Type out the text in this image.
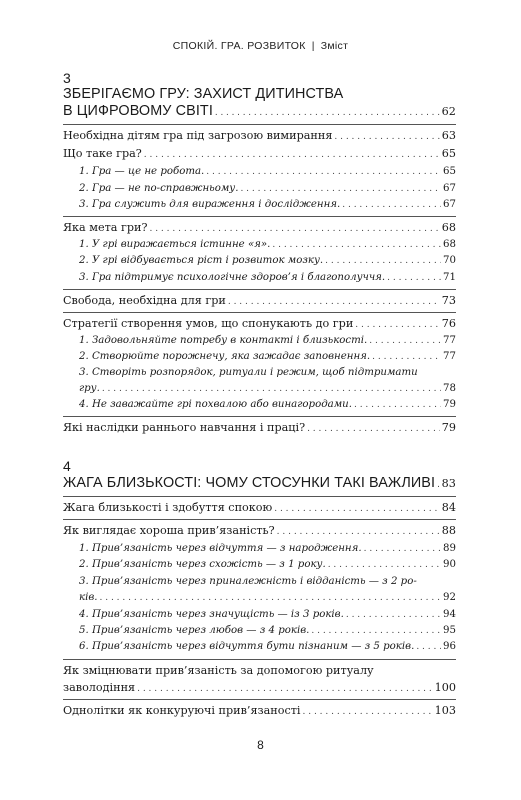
СПОКІЙ. ГРА. РОЗВИТОК | Зміст
3
ЗБЕРІГАЄМО ГРУ: ЗАХИСТ ДИТИНСТВА
В ЦИФРОВОМУ СВІТІ . . .	62
Необхідна дітям гра під загрозою вимирання . . .	63
Що таке гра? . . .	65
1. Гра — це не робота. . . .	65
2. Гра — не по-справжньому. . . .	67
3. Гра служить для вираження і дослідження. . . .	67
Яка мета гри? . . .	68
1. У грі виражається істинне «я». . . .	68
2. У грі відбувається ріст і розвиток мозку. . . .	70
3. Гра підтримує психологічне здоров’я і благополуччя. . . .	71
Свобода, необхідна для гри . . .	73
Стратегії створення умов, що спонукають до гри . . .	76
1. Задовольняйте потребу в контакті і близькості. . . .	77
2. Створюйте порожнечу, яка зажадає заповнення. . . .	77
3. Створіть розпорядок, ритуали і режим, щоб підтримати
гру. . . .	78
4. Не заважайте грі похвалою або винагородами. . . .	79
Які наслідки раннього навчання і праці? . . .	79
4
ЖАГА БЛИЗЬКОСТІ: ЧОМУ СТОСУНКИ ТАКІ ВАЖЛИВІ . . . 83
Жага близькості і здобуття спокою . . .	84
Як виглядає хороша прив’язаність? . . .	88
1. Прив’язаність через відчуття — з народження. . . .	89
2. Прив’язаність через схожість — з 1 року. . . .	90
3. Прив’язаність через приналежність і відданість — з 2 ро-
ків. . . .	92
4. Прив’язаність через значущість — із 3 років. . . .	94
5. Прив’язаність через любов — з 4 років. . . .	95
6. Прив’язаність через відчуття бути пізнаним — з 5 років. . . .	96
Як зміцнювати прив’язаність за допомогою ритуалу
заволодіння . . .	100
Однолітки як конкуруючі прив’язаності . . .	103
8
